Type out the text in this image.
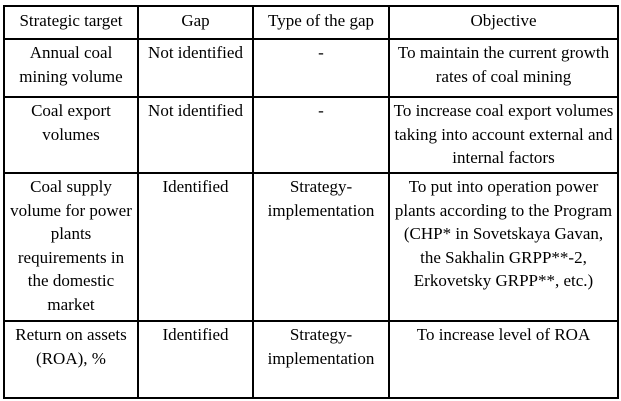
Strategic target	Gap	Type of the gap	Objective
Annual coal mining volume	Not identified	-	To maintain the current growth rates of coal mining
Coal export volumes	Not identified	-	To increase coal export volumes taking into account external and internal factors
Coal supply volume for power plants requirements in the domestic market	Identified	Strategy-implementation	To put into operation power plants according to the Program (CHP* in Sovetskaya Gavan, the Sakhalin GRPP**-2, Erkovetsky GRPP**, etc.)
Return on assets (ROA), %	Identified	Strategy-implementation	To increase level of ROA
